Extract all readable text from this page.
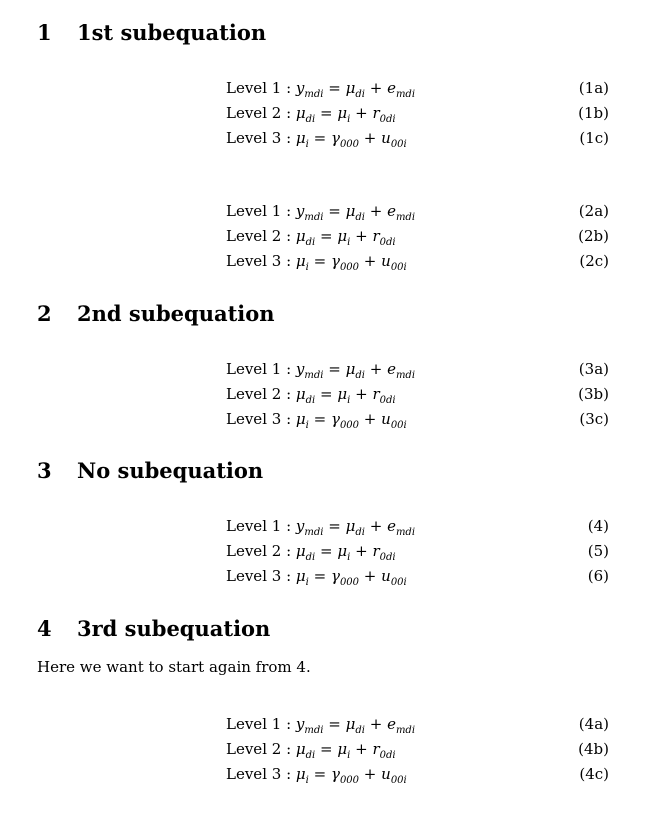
1 1st subequation
Level 1 : $y_{mdi} = \mu_{di} + e_{mdi}$	(1a)
Level 2 : $\mu_{di} = \mu_i + r_{0di}$	(1b)
Level 3 : $\mu_i = \gamma_{000} + u_{00i}$	(1c)
Level 1 : $y_{mdi} = \mu_{di} + e_{mdi}$	(2a)
Level 2 : $\mu_{di} = \mu_i + r_{0di}$	(2b)
Level 3 : $\mu_i = \gamma_{000} + u_{00i}$	(2c)
2 2nd subequation
Level 1 : $y_{mdi} = \mu_{di} + e_{mdi}$	(3a)
Level 2 : $\mu_{di} = \mu_i + r_{0di}$	(3b)
Level 3 : $\mu_i = \gamma_{000} + u_{00i}$	(3c)
3 No subequation
Level 1 : $y_{mdi} = \mu_{di} + e_{mdi}$	(4)
Level 2 : $\mu_{di} = \mu_i + r_{0di}$	(5)
Level 3 : $\mu_i = \gamma_{000} + u_{00i}$	(6)
4 3rd subequation
Here we want to start again from 4.
Level 1 : $y_{mdi} = \mu_{di} + e_{mdi}$	(4a)
Level 2 : $\mu_{di} = \mu_i + r_{0di}$	(4b)
Level 3 : $\mu_i = \gamma_{000} + u_{00i}$	(4c)
